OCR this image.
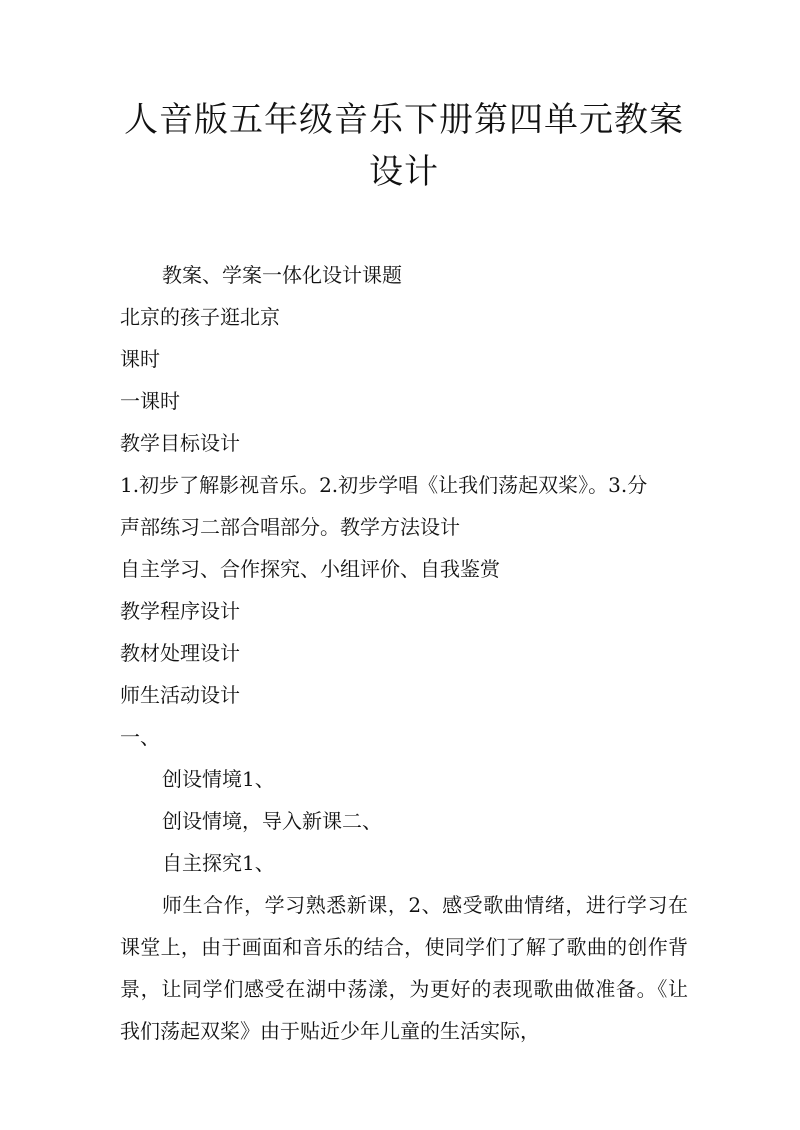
人音版五年级音乐下册第四单元教案设计

教案、学案一体化设计课题

北京的孩子逛北京

课时

一课时

教学目标设计

1.初步了解影视音乐。2.初步学唱《让我们荡起双桨》。3.分

声部练习二部合唱部分。教学方法设计

自主学习、合作探究、小组评价、自我鉴赏

教学程序设计

教材处理设计

师生活动设计

一、

创设情境1、

创设情境，导入新课二、

自主探究1、

师生合作，学习熟悉新课，2、感受歌曲情绪，进行学习在课堂上，由于画面和音乐的结合，使同学们了解了歌曲的创作背景，让同学们感受在湖中荡漾，为更好的表现歌曲做准备。《让我们荡起双桨》由于贴近少年儿童的生活实际，
